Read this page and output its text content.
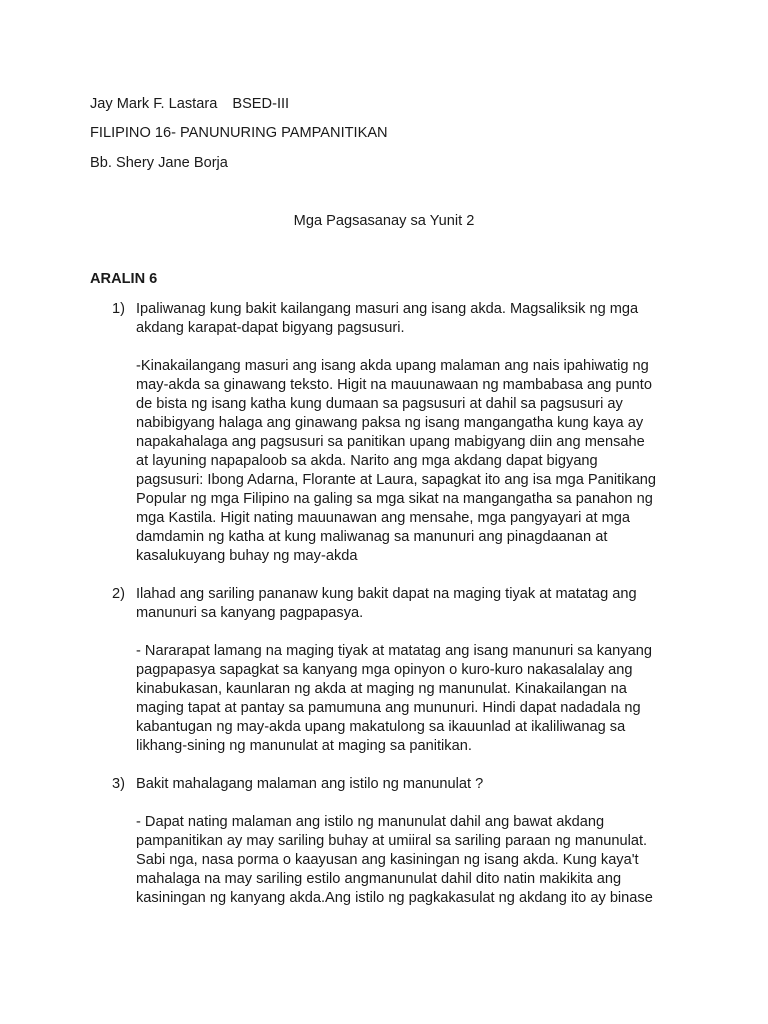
Jay Mark F. Lastara BSED-III
FILIPINO 16- PANUNURING PAMPANITIKAN
Bb. Shery Jane Borja
Mga Pagsasanay sa Yunit 2
ARALIN 6
1) Ipaliwanag kung bakit kailangang masuri ang isang akda. Magsaliksik ng mga
akdang karapat-dapat bigyang pagsusuri.

-Kinakailangang masuri ang isang akda upang malaman ang nais ipahiwatig ng
may-akda sa ginawang teksto. Higit na mauunawaan ng mambabasa ang punto
de bista ng isang katha kung dumaan sa pagsusuri at dahil sa pagsusuri ay
nabibigyang halaga ang ginawang paksa ng isang mangangatha kung kaya ay
napakahalaga ang pagsusuri sa panitikan upang mabigyang diin ang mensahe
at layuning napapaloob sa akda. Narito ang mga akdang dapat bigyang
pagsusuri: Ibong Adarna, Florante at Laura, sapagkat ito ang isa mga Panitikang
Popular ng mga Filipino na galing sa mga sikat na mangangatha sa panahon ng
mga Kastila. Higit nating mauunawan ang mensahe, mga pangyayari at mga
damdamin ng katha at kung maliwanag sa manunuri ang pinagdaanan at
kasalukuyang buhay ng may-akda

2) Ilahad ang sariling pananaw kung bakit dapat na maging tiyak at matatag ang
manunuri sa kanyang pagpapasya.

- Nararapat lamang na maging tiyak at matatag ang isang manunuri sa kanyang
pagpapasya sapagkat sa kanyang mga opinyon o kuro-kuro nakasalalay ang
kinabukasan, kaunlaran ng akda at maging ng manunulat. Kinakailangan na
maging tapat at pantay sa pamumuna ang mununuri. Hindi dapat nadadala ng
kabantugan ng may-akda upang makatulong sa ikauunlad at ikaliliwanag sa
likhang-sining ng manunulat at maging sa panitikan.

3) Bakit mahalagang malaman ang istilo ng manunulat ?

- Dapat nating malaman ang istilo ng manunulat dahil ang bawat akdang
pampanitikan ay may sariling buhay at umiiral sa sariling paraan ng manunulat.
Sabi nga, nasa porma o kaayusan ang kasiningan ng isang akda. Kung kaya't
mahalaga na may sariling estilo angmanunulat dahil dito natin makikita ang
kasiningan ng kanyang akda.Ang istilo ng pagkakasulat ng akdang ito ay binase
